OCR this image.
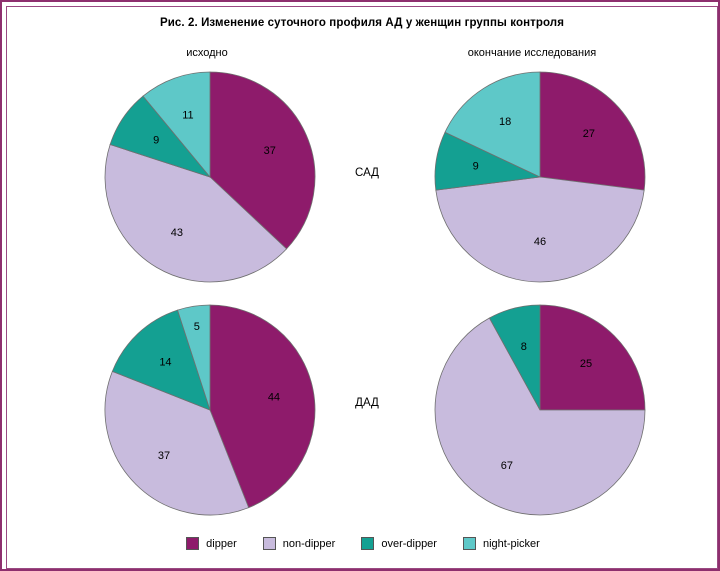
Рис. 2. Изменение суточного профиля АД у женщин группы контроля
исходно	окончание исследования
САД
ДАД
37
43
9
11
27
46
9
18
44
37
14
5
25
67
8
dipper	non-dipper	over-dipper	night-picker
